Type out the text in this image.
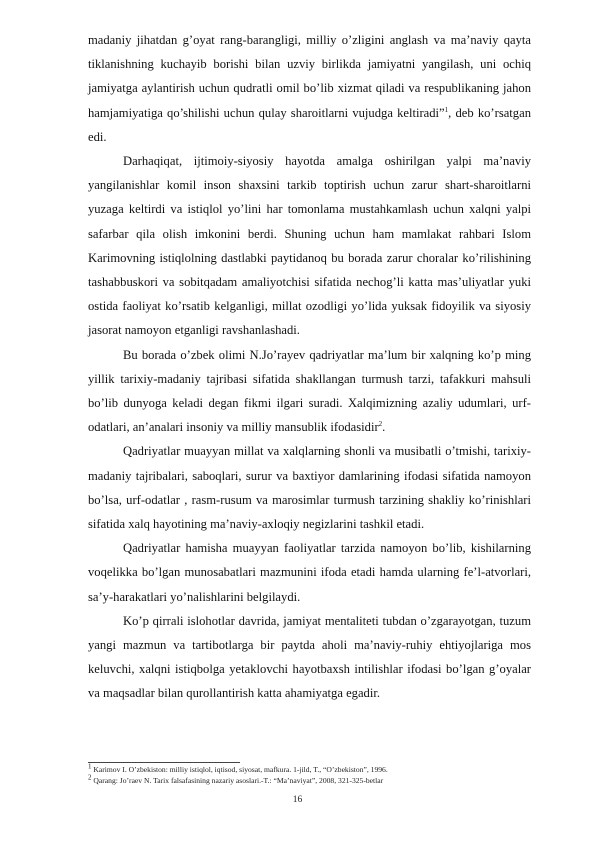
madaniy jihatdan g’oyat rang-barangligi, milliy o’zligini anglash va ma’naviy qayta tiklanishning kuchayib borishi bilan uzviy birlikda jamiyatni yangilash, uni ochiq jamiyatga aylantirish uchun qudratli omil bo’lib xizmat qiladi va respublikaning jahon hamjamiyatiga qo’shilishi uchun qulay sharoitlarni vujudga keltiradi”$^1$, deb ko’rsatgan edi.

Darhaqiqat, ijtimoiy-siyosiy hayotda amalga oshirilgan yalpi ma’naviy yangilanishlar komil inson shaxsini tarkib toptirish uchun zarur shart-sharoitlarni yuzaga keltirdi va istiqlol yo’lini har tomonlama mustahkamlash uchun xalqni yalpi safarbar qila olish imkonini berdi. Shuning uchun ham mamlakat rahbari Islom Karimovning istiqlolning dastlabki paytidanoq bu borada zarur choralar ko’rilishining tashabbuskori va sobitqadam amaliyotchisi sifatida nechog’li katta mas’uliyatlar yuki ostida faoliyat ko’rsatib kelganligi, millat ozodligi yo’lida yuksak fidoyilik va siyosiy jasorat namoyon etganligi ravshanlashadi.

Bu borada o’zbek olimi N.Jo’rayev qadriyatlar ma’lum bir xalqning ko’p ming yillik tarixiy-madaniy tajribasi sifatida shakllangan turmush tarzi, tafakkuri mahsuli bo’lib dunyoga keladi degan fikmi ilgari suradi. Xalqimizning azaliy udumlari, urf-odatlari, an’analari insoniy va milliy mansublik ifodasidir$^2$.

Qadriyatlar muayyan millat va xalqlarning shonli va musibatli o’tmishi, tarixiy-madaniy tajribalari, saboqlari, surur va baxtiyor damlarining ifodasi sifatida namoyon bo’lsa, urf-odatlar , rasm-rusum va marosimlar turmush tarzining shakliy ko’rinishlari sifatida xalq hayotining ma’naviy-axloqiy negizlarini tashkil etadi.

Qadriyatlar hamisha muayyan faoliyatlar tarzida namoyon bo’lib, kishilarning voqelikka bo’lgan munosabatlari mazmunini ifoda etadi hamda ularning fe’l-atvorlari, sa’y-harakatlari yo’nalishlarini belgilaydi.

Ko’p qirrali islohotlar davrida, jamiyat mentaliteti tubdan o’zgarayotgan, tuzum yangi mazmun va tartibotlarga bir paytda aholi ma’naviy-ruhiy ehtiyojlariga mos keluvchi, xalqni istiqbolga yetaklovchi hayotbaxsh intilishlar ifodasi bo’lgan g’oyalar va maqsadlar bilan qurollantirish katta ahamiyatga egadir.

$^1$ Karimov I. O’zbekiston: milliy istiqlol, iqtisod, siyosat, mafkura. 1-jild, T., “O’zbekiston”, 1996.

$^2$ Qarang: Jo’raev N. Tarix falsafasining nazariy asoslari.-T.: “Ma’naviyat”, 2008, 321-325-betlar

16
